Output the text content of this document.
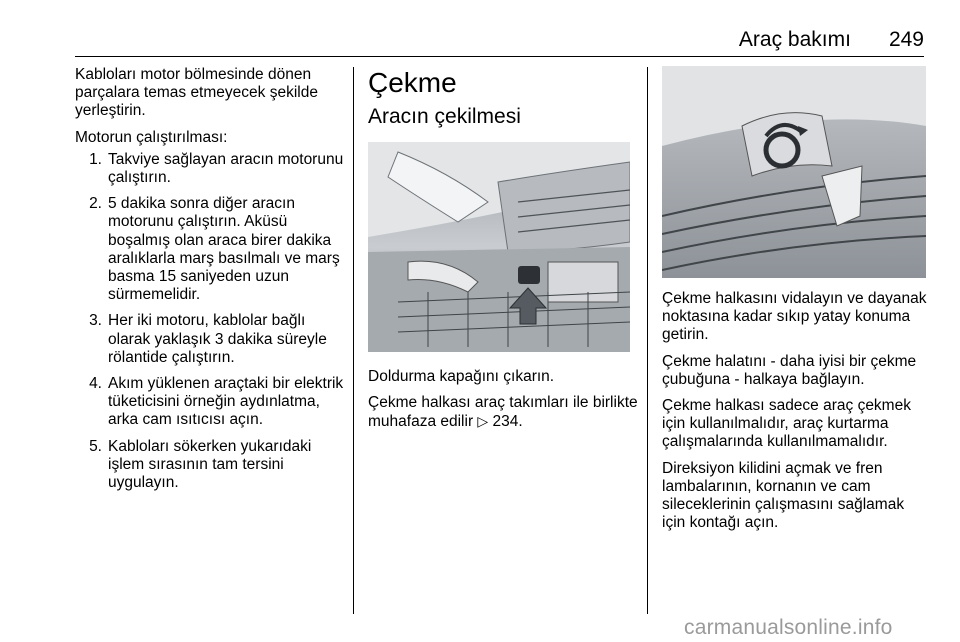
Araç bakımı 249

Kabloları motor bölmesinde dönen parçalara temas etmeyecek şekilde yerleştirin.

Motorun çalıştırılması:

1. Takviye sağlayan aracın motorunu çalıştırın.
2. 5 dakika sonra diğer aracın motorunu çalıştırın. Aküsü boşalmış olan araca birer dakika aralıklarla marş basılmalı ve marş basma 15 saniyeden uzun sürmemelidir.
3. Her iki motoru, kablolar bağlı olarak yaklaşık 3 dakika süreyle rölantide çalıştırın.
4. Akım yüklenen araçtaki bir elektrik tüketicisini örneğin aydınlatma, arka cam ısıtıcısı açın.
5. Kabloları sökerken yukarıdaki işlem sırasının tam tersini uygulayın.
Çekme
Aracın çekilmesi

Doldurma kapağını çıkarın.

Çekme halkası araç takımları ile birlikte muhafaza edilir ▷ 234.

Çekme halkasını vidalayın ve dayanak noktasına kadar sıkıp yatay konuma getirin.

Çekme halatını - daha iyisi bir çekme çubuğuna - halkaya bağlayın.

Çekme halkası sadece araç çekmek için kullanılmalıdır, araç kurtarma çalışmalarında kullanılmamalıdır.

Direksiyon kilidini açmak ve fren lambalarının, kornanın ve cam sileceklerinin çalışmasını sağlamak için kontağı açın.

carmanualsonline.info
